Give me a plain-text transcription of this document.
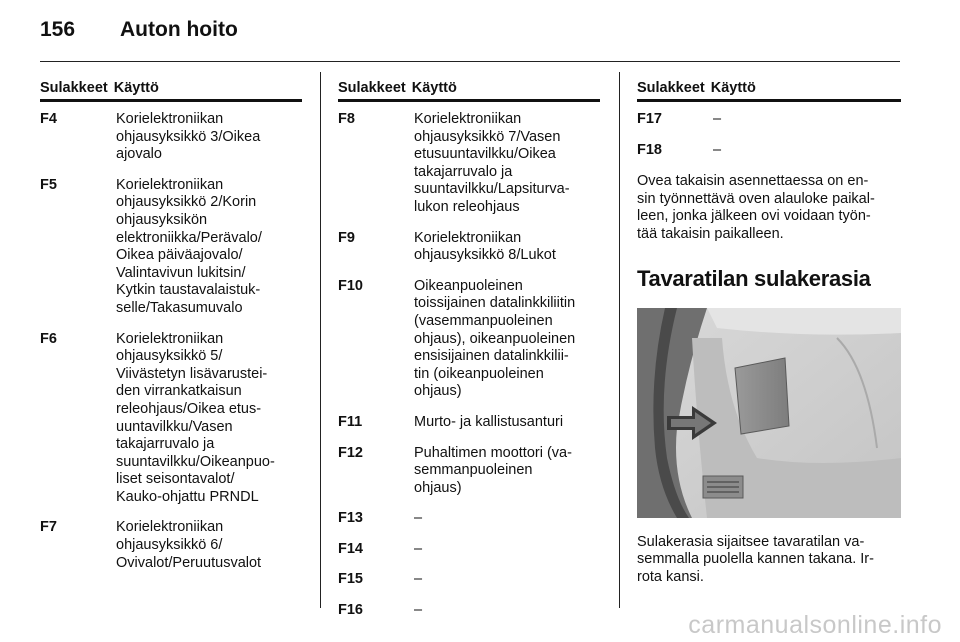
156 Auton hoito
Sulakkeet Käyttö
F4	Korielektroniikan
ohjausyksikkö 3/Oikea
ajovalo
F5	Korielektroniikan
ohjausyksikkö 2/Korin
ohjausyksikön
elektroniikka/Perävalo/
Oikea päiväajovalo/
Valintavivun lukitsin/
Kytkin taustavalaistuk-
selle/Takasumuvalo
F6	Korielektroniikan
ohjausyksikkö 5/
Viivästetyn lisävarustei-
den virrankatkaisun
releohjaus/Oikea etus-
uuntavilkku/Vasen
takajarruvalo ja
suuntavilkku/Oikeanpuo-
liset seisontavalot/
Kauko-ohjattu PRNDL
F7	Korielektroniikan
ohjausyksikkö 6/
Ovivalot/Peruutusvalot
Sulakkeet Käyttö
F8	Korielektroniikan
ohjausyksikkö 7/Vasen
etusuuntavilkku/Oikea
takajarruvalo ja
suuntavilkku/Lapsiturva-
lukon releohjaus
F9	Korielektroniikan
ohjausyksikkö 8/Lukot
F10	Oikeanpuoleinen
toissijainen datalinkkiliitin
(vasemmanpuoleinen
ohjaus), oikeanpuoleinen
ensisijainen datalinkkilii-
tin (oikeanpuoleinen
ohjaus)
F11	Murto- ja kallistusanturi
F12	Puhaltimen moottori (va-
semmanpuoleinen
ohjaus)
F13	–
F14	–
F15	–
F16	–
Sulakkeet Käyttö
F17	–
F18	–
Ovea takaisin asennettaessa on en-
sin työnnettävä oven alauloke paikal-
leen, jonka jälkeen ovi voidaan työn-
tää takaisin paikalleen.
Tavaratilan sulakerasia
Sulakerasia sijaitsee tavaratilan va-
semmalla puolella kannen takana. Ir-
rota kansi.
carmanualsonline.info
